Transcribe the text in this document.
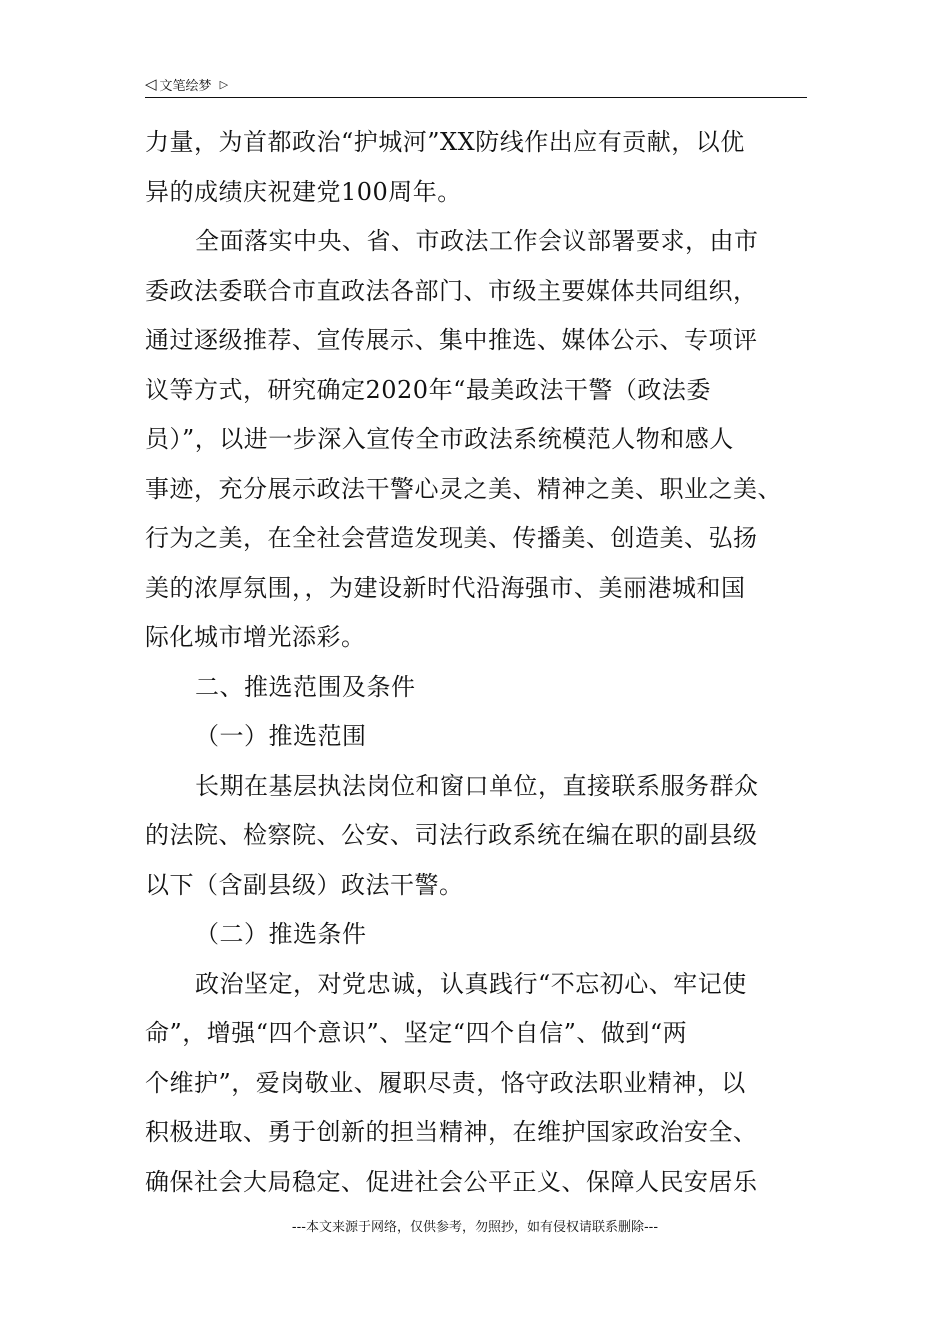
◁ 文笔绘梦 ▷
力量，为首都政治“护城河”XX防线作出应有贡献，以优
异的成绩庆祝建党100周年。
全面落实中央、省、市政法工作会议部署要求，由市
委政法委联合市直政法各部门、市级主要媒体共同组织，
通过逐级推荐、宣传展示、集中推选、媒体公示、专项评
议等方式，研究确定2020年“最美政法干警（政法委
员）”，以进一步深入宣传全市政法系统模范人物和感人
事迹，充分展示政法干警心灵之美、精神之美、职业之美、
行为之美，在全社会营造发现美、传播美、创造美、弘扬
美的浓厚氛围，，为建设新时代沿海强市、美丽港城和国
际化城市增光添彩。
二、推选范围及条件
（一）推选范围
长期在基层执法岗位和窗口单位，直接联系服务群众
的法院、检察院、公安、司法行政系统在编在职的副县级
以下（含副县级）政法干警。
（二）推选条件
政治坚定，对党忠诚，认真践行“不忘初心、牢记使
命”，增强“四个意识”、坚定“四个自信”、做到“两
个维护”，爱岗敬业、履职尽责，恪守政法职业精神，以
积极进取、勇于创新的担当精神，在维护国家政治安全、
确保社会大局稳定、促进社会公平正义、保障人民安居乐
---本文来源于网络，仅供参考，勿照抄，如有侵权请联系删除---
